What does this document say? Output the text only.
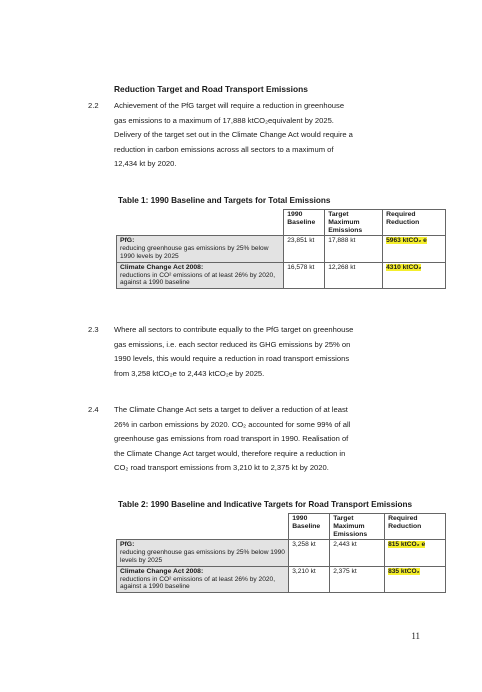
Reduction Target and Road Transport Emissions
2.2 Achievement of the PfG target will require a reduction in greenhouse
gas emissions to a maximum of 17,888 ktCO₂equivalent by 2025.
Delivery of the target set out in the Climate Change Act would require a
reduction in carbon emissions across all sectors to a maximum of
12,434 kt by 2020.
Table 1: 1990 Baseline and Targets for Total Emissions
	1990 Baseline	Target Maximum Emissions	Required Reduction

PfG:
reducing greenhouse gas emissions by 25% below 1990 levels by 2025	23,851 kt	17,888 kt	5963 ktCO₂ e

Climate Change Act 2008:
reductions in CO² emissions of at least 26% by 2020, against a 1990 baseline	16,578 kt	12,268 kt	4310 ktCO₂
2.3 Where all sectors to contribute equally to the PfG target on greenhouse
gas emissions, i.e. each sector reduced its GHG emissions by 25% on
1990 levels, this would require a reduction in road transport emissions
from 3,258 ktCO₂e to 2,443 ktCO₂e by 2025.
2.4 The Climate Change Act sets a target to deliver a reduction of at least
26% in carbon emissions by 2020. CO₂ accounted for some 99% of all
greenhouse gas emissions from road transport in 1990. Realisation of
the Climate Change Act target would, therefore require a reduction in
CO₂ road transport emissions from 3,210 kt to 2,375 kt by 2020.
Table 2: 1990 Baseline and Indicative Targets for Road Transport Emissions
	1990 Baseline	Target Maximum Emissions	Required Reduction

PfG:
reducing greenhouse gas emissions by 25% below 1990 levels by 2025	3,258 kt	2,443 kt	815 ktCO₂ e

Climate Change Act 2008:
reductions in CO² emissions of at least 26% by 2020, against a 1990 baseline	3,210 kt	2,375 kt	835 ktCO₂
11
